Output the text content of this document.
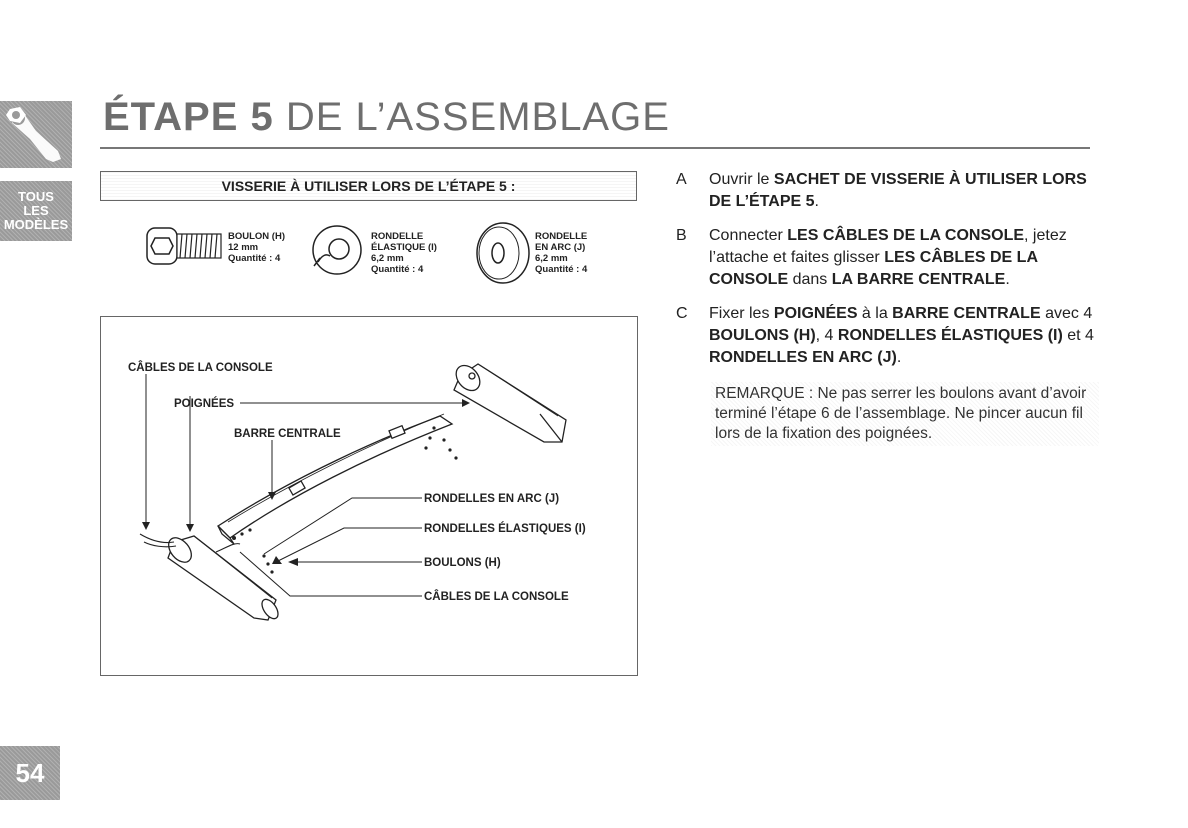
TOUS
LES
MODÈLES
54
ÉTAPE 5 DE L’ASSEMBLAGE
VISSERIE À UTILISER LORS DE L’ÉTAPE 5 :
BOULON (H)
12 mm
Quantité : 4
RONDELLE
ÉLASTIQUE (I)
6,2 mm
Quantité : 4
RONDELLE
EN ARC (J)
6,2 mm
Quantité : 4
CÂBLES DE LA CONSOLE
POIGNÉES
BARRE CENTRALE
RONDELLES EN ARC (J)
RONDELLES ÉLASTIQUES (I)
BOULONS (H)
CÂBLES DE LA CONSOLE
A Ouvrir le SACHET DE VISSERIE À UTILISER LORS DE L’ÉTAPE 5.
B Connecter LES CÂBLES DE LA CONSOLE, jetez l’attache et faites glisser LES CÂBLES DE LA CONSOLE dans LA BARRE CENTRALE.
C Fixer les POIGNÉES à la BARRE CENTRALE avec 4 BOULONS (H), 4 RONDELLES ÉLASTIQUES (I) et 4 RONDELLES EN ARC (J).
REMARQUE : Ne pas serrer les boulons avant d’avoir terminé l’étape 6 de l’assemblage. Ne pincer aucun fil lors de la fixation des poignées.
